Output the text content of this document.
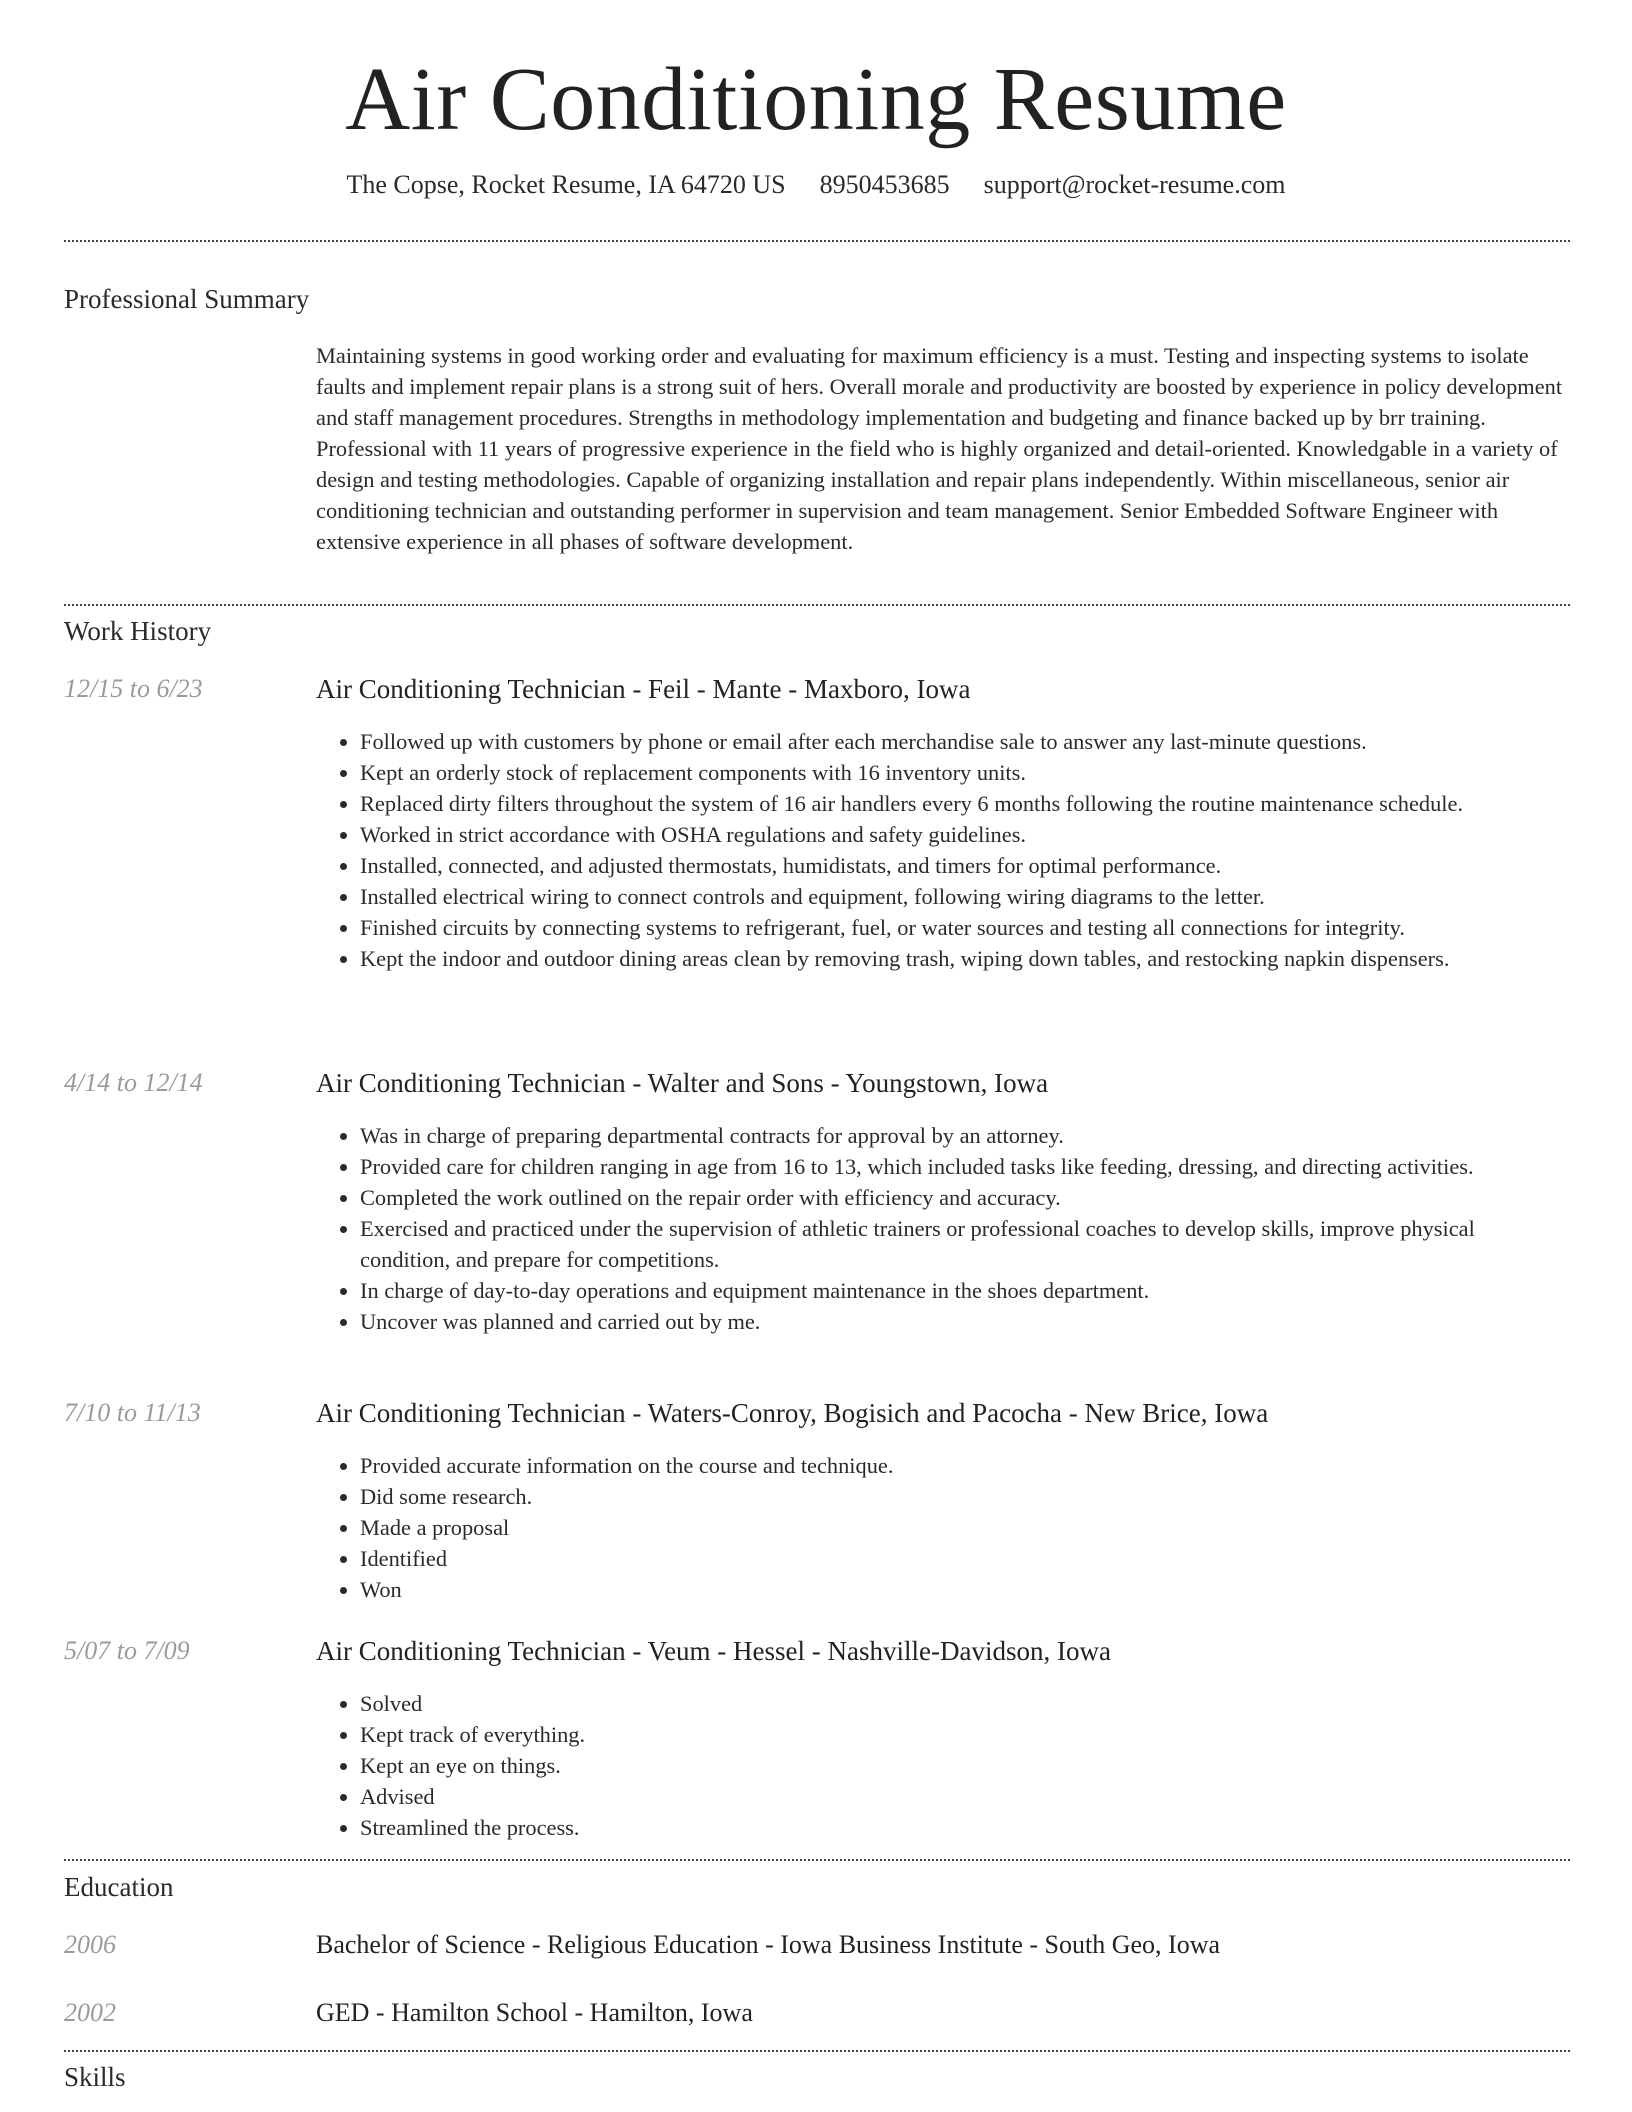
Air Conditioning Resume
The Copse, Rocket Resume, IA 64720 US 8950453685 support@rocket-resume.com
Professional Summary

Maintaining systems in good working order and evaluating for maximum efficiency is a must. Testing and inspecting systems to isolate faults and implement repair plans is a strong suit of hers. Overall morale and productivity are boosted by experience in policy development and staff management procedures. Strengths in methodology implementation and budgeting and finance backed up by brr training. Professional with 11 years of progressive experience in the field who is highly organized and detail-oriented. Knowledgable in a variety of design and testing methodologies. Capable of organizing installation and repair plans independently. Within miscellaneous, senior air conditioning technician and outstanding performer in supervision and team management. Senior Embedded Software Engineer with extensive experience in all phases of software development.

Work History
12/15 to 6/23	Air Conditioning Technician - Feil - Mante - Maxboro, Iowa
• Followed up with customers by phone or email after each merchandise sale to answer any last-minute questions.
• Kept an orderly stock of replacement components with 16 inventory units.
• Replaced dirty filters throughout the system of 16 air handlers every 6 months following the routine maintenance schedule.
• Worked in strict accordance with OSHA regulations and safety guidelines.
• Installed, connected, and adjusted thermostats, humidistats, and timers for optimal performance.
• Installed electrical wiring to connect controls and equipment, following wiring diagrams to the letter.
• Finished circuits by connecting systems to refrigerant, fuel, or water sources and testing all connections for integrity.
• Kept the indoor and outdoor dining areas clean by removing trash, wiping down tables, and restocking napkin dispensers.
4/14 to 12/14	Air Conditioning Technician - Walter and Sons - Youngstown, Iowa
• Was in charge of preparing departmental contracts for approval by an attorney.
• Provided care for children ranging in age from 16 to 13, which included tasks like feeding, dressing, and directing activities.
• Completed the work outlined on the repair order with efficiency and accuracy.
• Exercised and practiced under the supervision of athletic trainers or professional coaches to develop skills, improve physical condition, and prepare for competitions.
• In charge of day-to-day operations and equipment maintenance in the shoes department.
• Uncover was planned and carried out by me.
7/10 to 11/13	Air Conditioning Technician - Waters-Conroy, Bogisich and Pacocha - New Brice, Iowa
• Provided accurate information on the course and technique.
• Did some research.
• Made a proposal
• Identified
• Won
5/07 to 7/09	Air Conditioning Technician - Veum - Hessel - Nashville-Davidson, Iowa
• Solved
• Kept track of everything.
• Kept an eye on things.
• Advised
• Streamlined the process.
Education
2006	Bachelor of Science - Religious Education - Iowa Business Institute - South Geo, Iowa
2002	GED - Hamilton School - Hamilton, Iowa
Skills
